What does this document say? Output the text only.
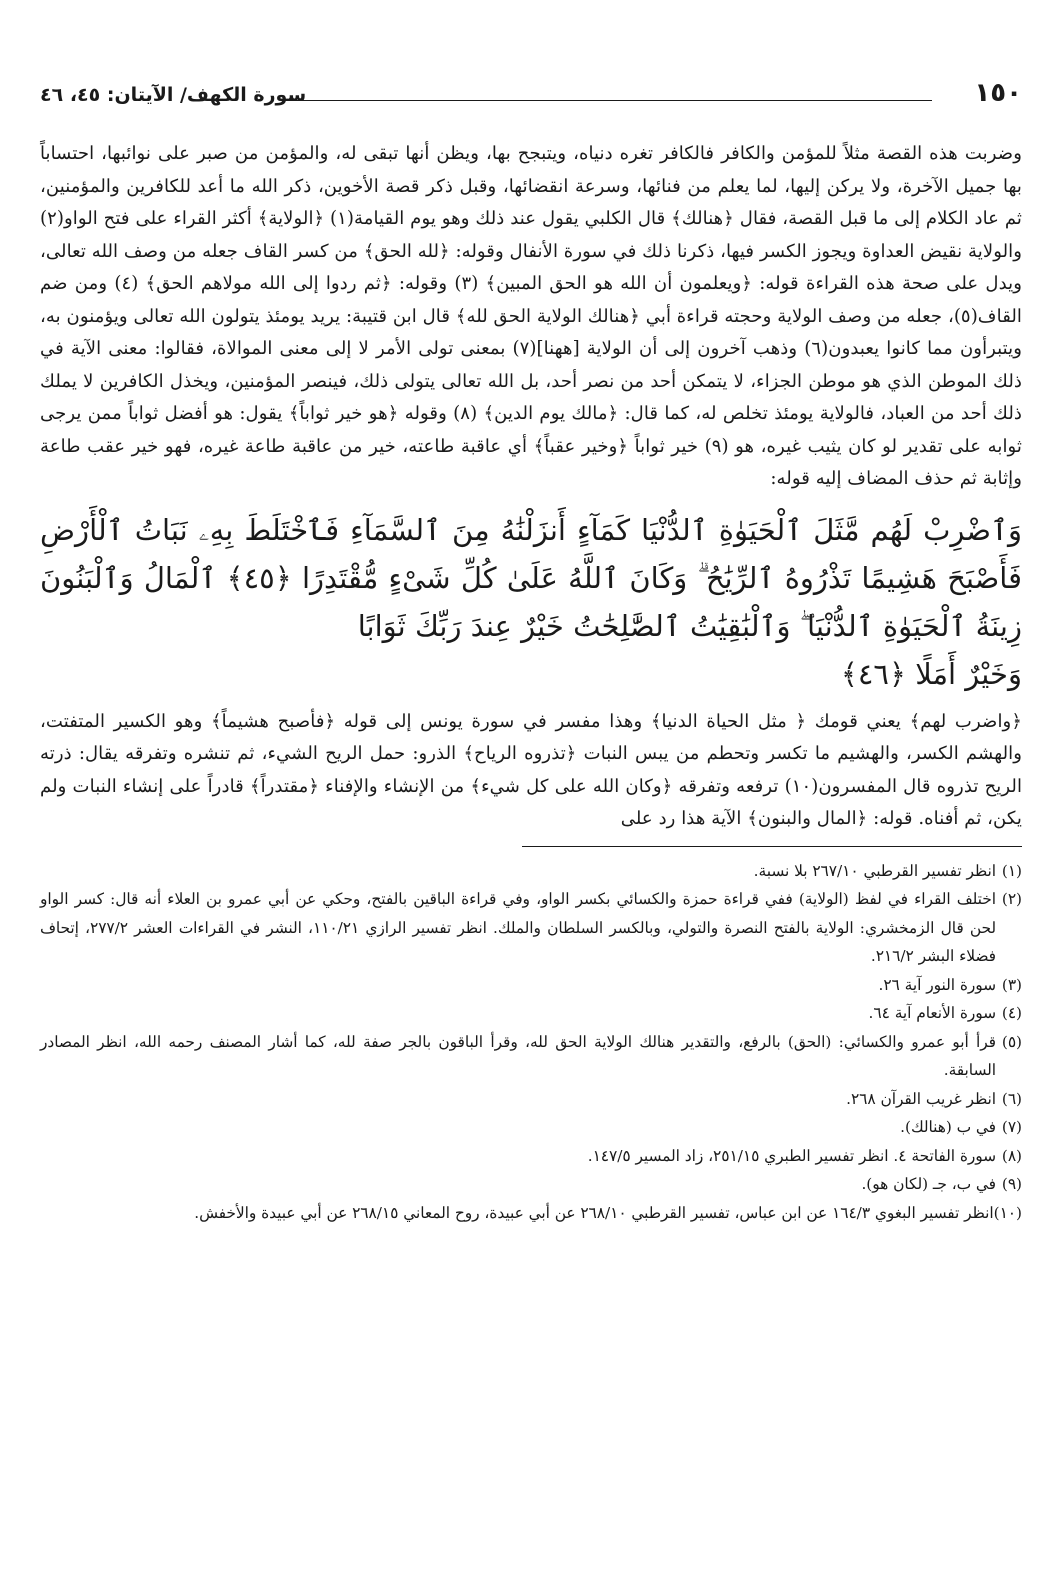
١٥٠
سورة الكهف/ الآيتان: ٤٥، ٤٦

وضربت هذه القصة مثلاً للمؤمن والكافر فالكافر تغره دنياه، ويتبجح بها، ويظن أنها تبقى له، والمؤمن من صبر على نوائبها، احتساباً بها جميل الآخرة، ولا يركن إليها، لما يعلم من فنائها، وسرعة انقضائها، وقبل ذكر قصة الأخوين، ذكر الله ما أعد للكافرين والمؤمنين، ثم عاد الكلام إلى ما قبل القصة، فقال ﴿هنالك﴾ قال الكلبي يقول عند ذلك وهو يوم القيامة(١) ﴿الولاية﴾ أكثر القراء على فتح الواو(٢) والولاية نقيض العداوة ويجوز الكسر فيها، ذكرنا ذلك في سورة الأنفال وقوله: ﴿لله الحق﴾ من كسر القاف جعله من وصف الله تعالى، ويدل على صحة هذه القراءة قوله: ﴿ويعلمون أن الله هو الحق المبين﴾ (٣) وقوله: ﴿ثم ردوا إلى الله مولاهم الحق﴾ (٤) ومن ضم القاف(٥)، جعله من وصف الولاية وحجته قراءة أبي ﴿هنالك الولاية الحق لله﴾ قال ابن قتيبة: يريد يومئذ يتولون الله تعالى ويؤمنون به، ويتبرأون مما كانوا يعبدون(٦) وذهب آخرون إلى أن الولاية [ههنا](٧) بمعنى تولى الأمر لا إلى معنى الموالاة، فقالوا: معنى الآية في ذلك الموطن الذي هو موطن الجزاء، لا يتمكن أحد من نصر أحد، بل الله تعالى يتولى ذلك، فينصر المؤمنين، ويخذل الكافرين لا يملك ذلك أحد من العباد، فالولاية يومئذ تخلص له، كما قال: ﴿مالك يوم الدين﴾ (٨) وقوله ﴿هو خير ثواباً﴾ يقول: هو أفضل ثواباً ممن يرجى ثوابه على تقدير لو كان يثيب غيره، هو (٩) خير ثواباً ﴿وخير عقباً﴾ أي عاقبة طاعته، خير من عاقبة طاعة غيره، فهو خير عقب طاعة وإثابة ثم حذف المضاف إليه قوله:

وَٱضْرِبْ لَهُم مَّثَلَ ٱلْحَيَوٰةِ ٱلدُّنْيَا كَمَآءٍ أَنزَلْنَٰهُ مِنَ ٱلسَّمَآءِ فَٱخْتَلَطَ بِهِۦ نَبَاتُ ٱلْأَرْضِ فَأَصْبَحَ هَشِيمًا تَذْرُوهُ ٱلرِّيَٰحُ ۗ وَكَانَ ٱللَّهُ عَلَىٰ كُلِّ شَىْءٍ مُّقْتَدِرًا ﴿٤٥﴾ ٱلْمَالُ وَٱلْبَنُونَ زِينَةُ ٱلْحَيَوٰةِ ٱلدُّنْيَا ۖ وَٱلْبَٰقِيَٰتُ ٱلصَّٰلِحَٰتُ خَيْرٌ عِندَ رَبِّكَ ثَوَابًا
وَخَيْرٌ أَمَلًا ﴿٤٦﴾

﴿واضرب لهم﴾ يعني قومك ﴿ مثل الحياة الدنيا﴾ وهذا مفسر في سورة يونس إلى قوله ﴿فأصبح هشيماً﴾ وهو الكسير المتفتت، والهشم الكسر، والهشيم ما تكسر وتحطم من يبس النبات ﴿تذروه الرياح﴾ الذرو: حمل الريح الشيء، ثم تنشره وتفرقه يقال: ذرته الريح تذروه قال المفسرون(١٠) ترفعه وتفرقه ﴿وكان الله على كل شيء﴾ من الإنشاء والإفناء ﴿مقتدراً﴾ قادراً على إنشاء النبات ولم يكن، ثم أفناه. قوله: ﴿المال والبنون﴾ الآية هذا رد على

(١)
انظر تفسير القرطبي ٢٦٧/١٠ بلا نسبة.
(٢)
اختلف القراء في لفظ (الولاية) ففي قراءة حمزة والكسائي بكسر الواو، وفي قراءة الباقين بالفتح، وحكي عن أبي عمرو بن العلاء أنه قال: كسر الواو لحن قال الزمخشري: الولاية بالفتح النصرة والتولي، وبالكسر السلطان والملك. انظر تفسير الرازي ١١٠/٢١، النشر في القراءات العشر ٢٧٧/٢، إتحاف فضلاء البشر ٢١٦/٢.
(٣)
سورة النور آية ٢٦.
(٤)
سورة الأنعام آية ٦٤.
(٥)
قرأ أبو عمرو والكسائي: (الحق) بالرفع، والتقدير هنالك الولاية الحق لله، وقرأ الباقون بالجر صفة لله، كما أشار المصنف رحمه الله، انظر المصادر السابقة.
(٦)
انظر غريب القرآن ٢٦٨.
(٧)
في ب (هنالك).
(٨)
سورة الفاتحة ٤. انظر تفسير الطبري ٢٥١/١٥، زاد المسير ١٤٧/٥.
(٩)
في ب، جـ (لكان هو).
(١٠)
انظر تفسير البغوي ١٦٤/٣ عن ابن عباس، تفسير القرطبي ٢٦٨/١٠ عن أبي عبيدة، روح المعاني ٢٦٨/١٥ عن أبي عبيدة والأخفش.
